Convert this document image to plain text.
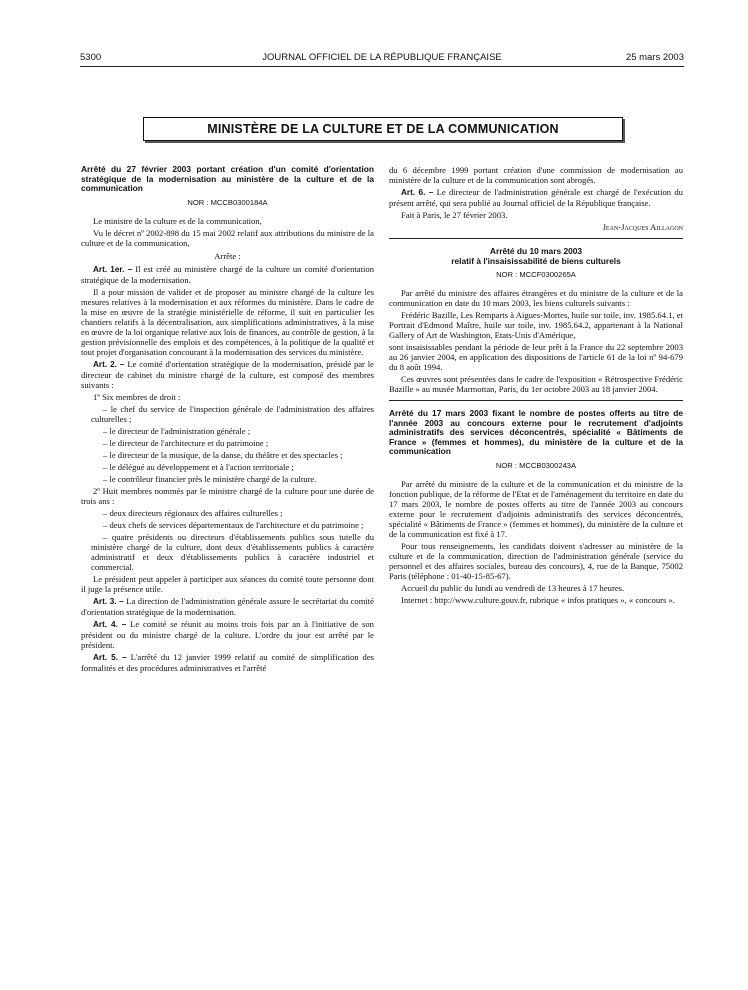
5300	JOURNAL OFFICIEL DE LA RÉPUBLIQUE FRANÇAISE	25 mars 2003
MINISTÈRE DE LA CULTURE ET DE LA COMMUNICATION
Arrêté du 27 février 2003 portant création d'un comité d'orientation stratégique de la modernisation au ministère de la culture et de la communication
NOR : MCCB0300184A

Le ministre de la culture et de la communication,

Vu le décret nº 2002-898 du 15 mai 2002 relatif aux attributions du ministre de la culture et de la communication,

Arrête :

Art. 1er. – Il est créé au ministère chargé de la culture un comité d'orientation stratégique de la modernisation.

Il a pour mission de valider et de proposer au ministre chargé de la culture les mesures relatives à la modernisation et aux réformes du ministère. Dans le cadre de la mise en œuvre de la stratégie ministérielle de réforme, il suit en particulier les chantiers relatifs à la décentralisation, aux simplifications administratives, à la mise en œuvre de la loi organique relative aux lois de finances, au contrôle de gestion, à la gestion prévisionnelle des emplois et des compétences, à la politique de la qualité et tout projet d'organisation concourant à la modernisation des services du ministère.

Art. 2. – Le comité d'orientation stratégique de la modernisation, présidé par le directeur de cabinet du ministre chargé de la culture, est composé des membres suivants :

1º Six membres de droit :

– le chef du service de l'inspection générale de l'administration des affaires culturelles ;

– le directeur de l'administration générale ;

– le directeur de l'architecture et du patrimoine ;

– le directeur de la musique, de la danse, du théâtre et des spectacles ;

– le délégué au développement et à l'action territoriale ;

– le contrôleur financier près le ministère chargé de la culture.

2º Huit membres nommés par le ministre chargé de la culture pour une durée de trois ans :

– deux directeurs régionaux des affaires culturelles ;

– deux chefs de services départementaux de l'architecture et du patrimoine ;

– quatre présidents ou directeurs d'établissements publics sous tutelle du ministère chargé de la culture, dont deux d'établissements publics à caractère administratif et deux d'établissements publics à caractère industriel et commercial.

Le président peut appeler à participer aux séances du comité toute personne dont il juge la présence utile.

Art. 3. – La direction de l'administration générale assure le secrétariat du comité d'orientation stratégique de la modernisation.

Art. 4. – Le comité se réunit au moins trois fois par an à l'initiative de son président ou du ministre chargé de la culture. L'ordre du jour est arrêté par le président.

Art. 5. – L'arrêté du 12 janvier 1999 relatif au comité de simplification des formalités et des procédures administratives et l'arrêté

du 6 décembre 1999 portant création d'une commission de modernisation au ministère de la culture et de la communication sont abrogés.

Art. 6. – Le directeur de l'administration générale est chargé de l'exécution du présent arrêté, qui sera publié au Journal officiel de la République française.

Fait à Paris, le 27 février 2003.

Jean-Jacques Aillagon
Arrêté du 10 mars 2003
relatif à l'insaisissabilité de biens culturels
NOR : MCCF0300265A

Par arrêté du ministre des affaires étrangères et du ministre de la culture et de la communication en date du 10 mars 2003, les biens culturels suivants :

Frédéric Bazille, Les Remparts à Aigues-Mortes, huile sur toile, inv. 1985.64.1, et Portrait d'Edmond Maître, huile sur toile, inv. 1985.64.2, appartenant à la National Gallery of Art de Washington, Etats-Unis d'Amérique,

sont insaisissables pendant la période de leur prêt à la France du 22 septembre 2003 au 26 janvier 2004, en application des dispositions de l'article 61 de la loi nº 94-679 du 8 août 1994.

Ces œuvres sont présentées dans le cadre de l'exposition « Rétrospective Frédéric Bazille » au musée Marmottan, Paris, du 1er octobre 2003 au 18 janvier 2004.

Arrêté du 17 mars 2003 fixant le nombre de postes offerts au titre de l'année 2003 au concours externe pour le recrutement d'adjoints administratifs des services déconcentrés, spécialité « Bâtiments de France » (femmes et hommes), du ministère de la culture et de la communication
NOR : MCCB0300243A

Par arrêté du ministre de la culture et de la communication et du ministre de la fonction publique, de la réforme de l'Etat et de l'aménagement du territoire en date du 17 mars 2003, le nombre de postes offerts au titre de l'année 2003 au concours externe pour le recrutement d'adjoints administratifs des services déconcentrés, spécialité « Bâtiments de France » (femmes et hommes), du ministère de la culture et de la communication est fixé à 17.

Pour tous renseignements, les candidats doivent s'adresser au ministère de la culture et de la communication, direction de l'administration générale (service du personnel et des affaires sociales, bureau des concours), 4, rue de la Banque, 75002 Paris (téléphone : 01-40-15-85-67).

Accueil du public du lundi au vendredi de 13 heures à 17 heures.

Internet : http://www.culture.gouv.fr, rubrique « infos pratiques », « concours ».
